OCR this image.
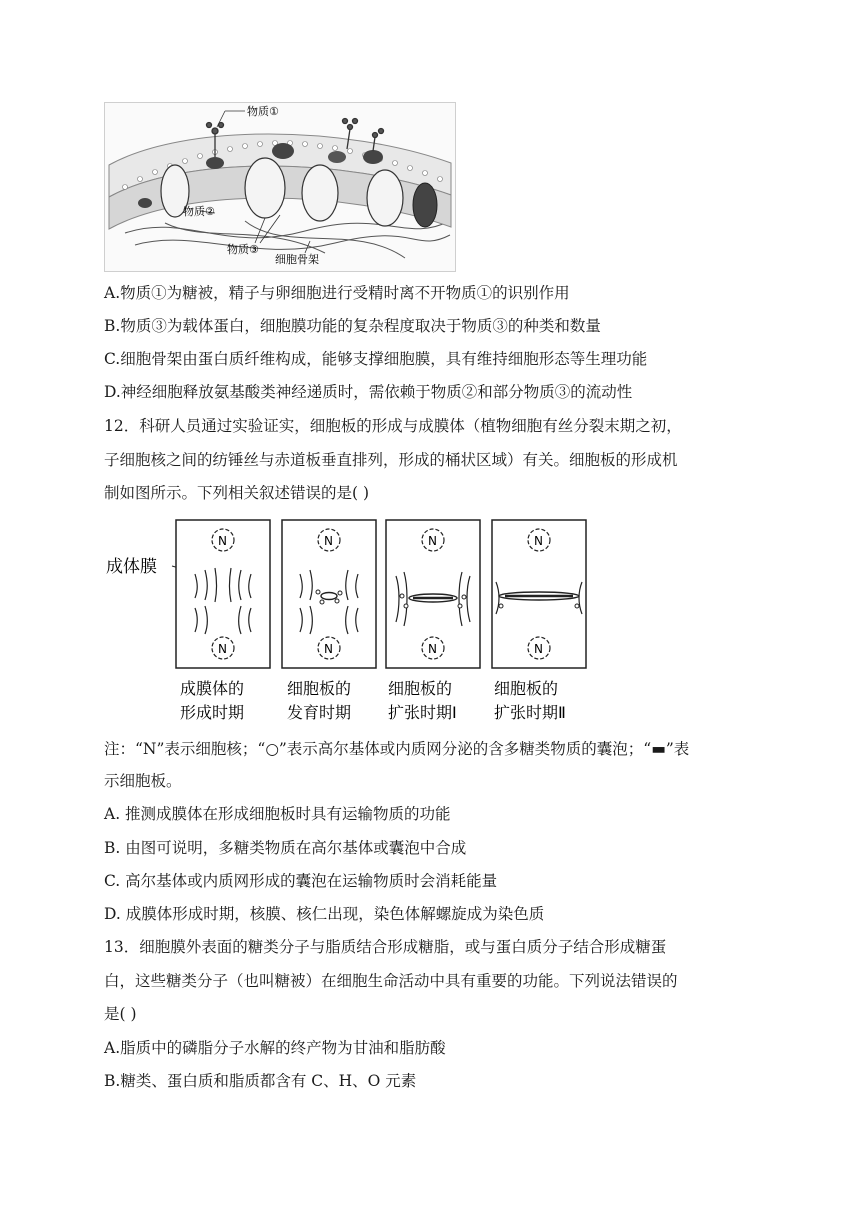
物质①
物质②
物质③
细胞骨架
A.物质①为糖被，精子与卵细胞进行受精时离不开物质①的识别作用
B.物质③为载体蛋白，细胞膜功能的复杂程度取决于物质③的种类和数量
C.细胞骨架由蛋白质纤维构成，能够支撑细胞膜，具有维持细胞形态等生理功能
D.神经细胞释放氨基酸类神经递质时，需依赖于物质②和部分物质③的流动性
12．科研人员通过实验证实，细胞板的形成与成膜体（植物细胞有丝分裂末期之初，
子细胞核之间的纺锤丝与赤道板垂直排列，形成的桶状区域）有关。细胞板的形成机
制如图所示。下列相关叙述错误的是( )
成体膜
N
N
N
N
N
N
N
N
成膜体的
形成时期
细胞板的
发育时期
细胞板的
扩张时期Ⅰ
细胞板的
扩张时期Ⅱ
注：“N”表示细胞核；“○”表示高尔基体或内质网分泌的含多糖类物质的囊泡；“▬”表
示细胞板。
A. 推测成膜体在形成细胞板时具有运输物质的功能
B. 由图可说明，多糖类物质在高尔基体或囊泡中合成
C. 高尔基体或内质网形成的囊泡在运输物质时会消耗能量
D. 成膜体形成时期，核膜、核仁出现，染色体解螺旋成为染色质
13．细胞膜外表面的糖类分子与脂质结合形成糖脂，或与蛋白质分子结合形成糖蛋
白，这些糖类分子（也叫糖被）在细胞生命活动中具有重要的功能。下列说法错误的
是( )
A.脂质中的磷脂分子水解的终产物为甘油和脂肪酸
B.糖类、蛋白质和脂质都含有 C、H、O 元素
